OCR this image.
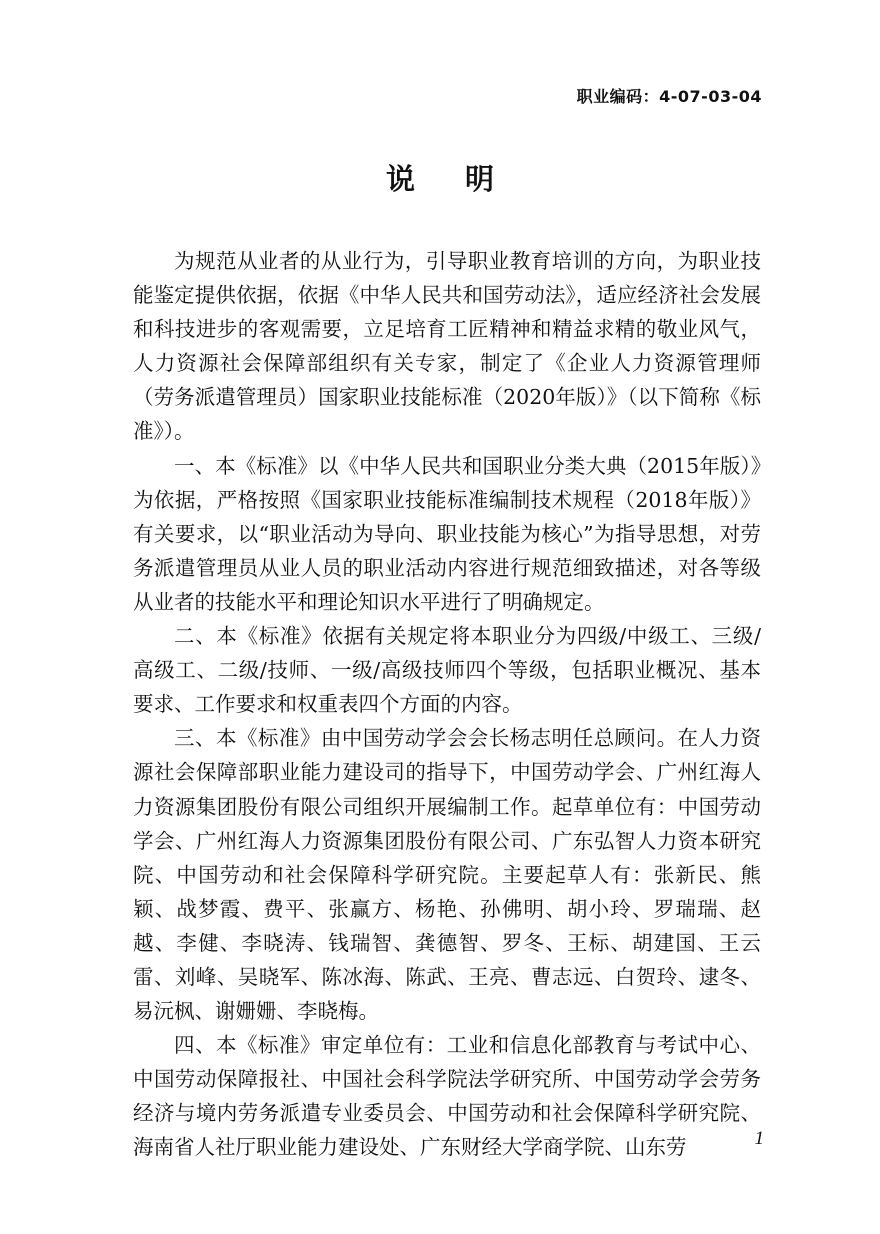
职业编码：4-07-03-04
说明

为规范从业者的从业行为，引导职业教育培训的方向，为职业技能鉴定提供依据，依据《中华人民共和国劳动法》，适应经济社会发展和科技进步的客观需要，立足培育工匠精神和精益求精的敬业风气，人力资源社会保障部组织有关专家，制定了《企业人力资源管理师（劳务派遣管理员）国家职业技能标准（2020年版）》（以下简称《标准》）。

一、本《标准》以《中华人民共和国职业分类大典（2015年版）》为依据，严格按照《国家职业技能标准编制技术规程（2018年版）》有关要求，以“职业活动为导向、职业技能为核心”为指导思想，对劳务派遣管理员从业人员的职业活动内容进行规范细致描述，对各等级从业者的技能水平和理论知识水平进行了明确规定。

二、本《标准》依据有关规定将本职业分为四级/中级工、三级/高级工、二级/技师、一级/高级技师四个等级，包括职业概况、基本要求、工作要求和权重表四个方面的内容。

三、本《标准》由中国劳动学会会长杨志明任总顾问。在人力资源社会保障部职业能力建设司的指导下，中国劳动学会、广州红海人力资源集团股份有限公司组织开展编制工作。起草单位有：中国劳动学会、广州红海人力资源集团股份有限公司、广东弘智人力资本研究院、中国劳动和社会保障科学研究院。主要起草人有：张新民、熊颖、战梦霞、费平、张赢方、杨艳、孙佛明、胡小玲、罗瑞瑞、赵越、李健、李晓涛、钱瑞智、龚德智、罗冬、王标、胡建国、王云雷、刘峰、吴晓军、陈冰海、陈武、王亮、曹志远、白贺玲、逮冬、易沅枫、谢姗姗、李晓梅。

四、本《标准》审定单位有：工业和信息化部教育与考试中心、中国劳动保障报社、中国社会科学院法学研究所、中国劳动学会劳务经济与境内劳务派遣专业委员会、中国劳动和社会保障科学研究院、海南省人社厅职业能力建设处、广东财经大学商学院、山东劳	1
